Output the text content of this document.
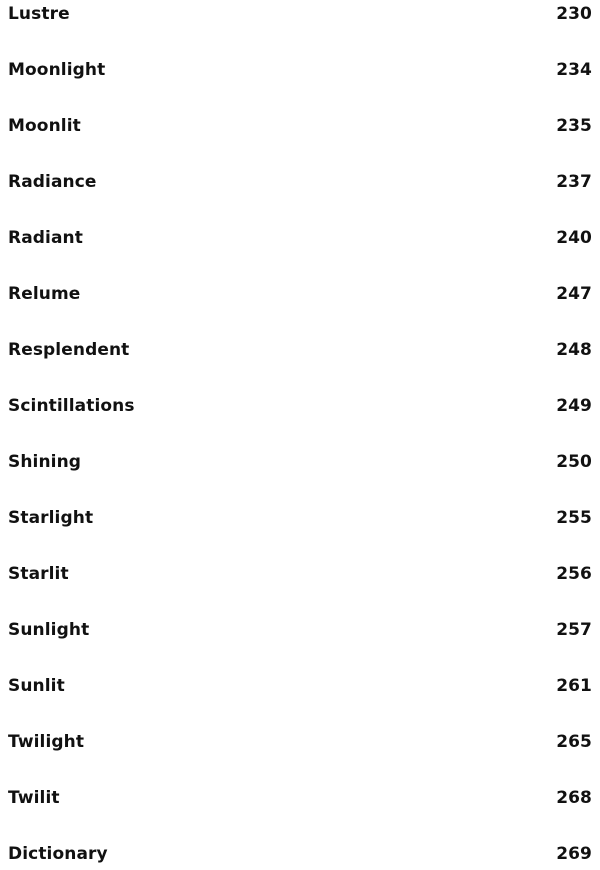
Lustre	230
Moonlight	234
Moonlit	235
Radiance	237
Radiant	240
Relume	247
Resplendent	248
Scintillations	249
Shining	250
Starlight	255
Starlit	256
Sunlight	257
Sunlit	261
Twilight	265
Twilit	268
Dictionary	269
